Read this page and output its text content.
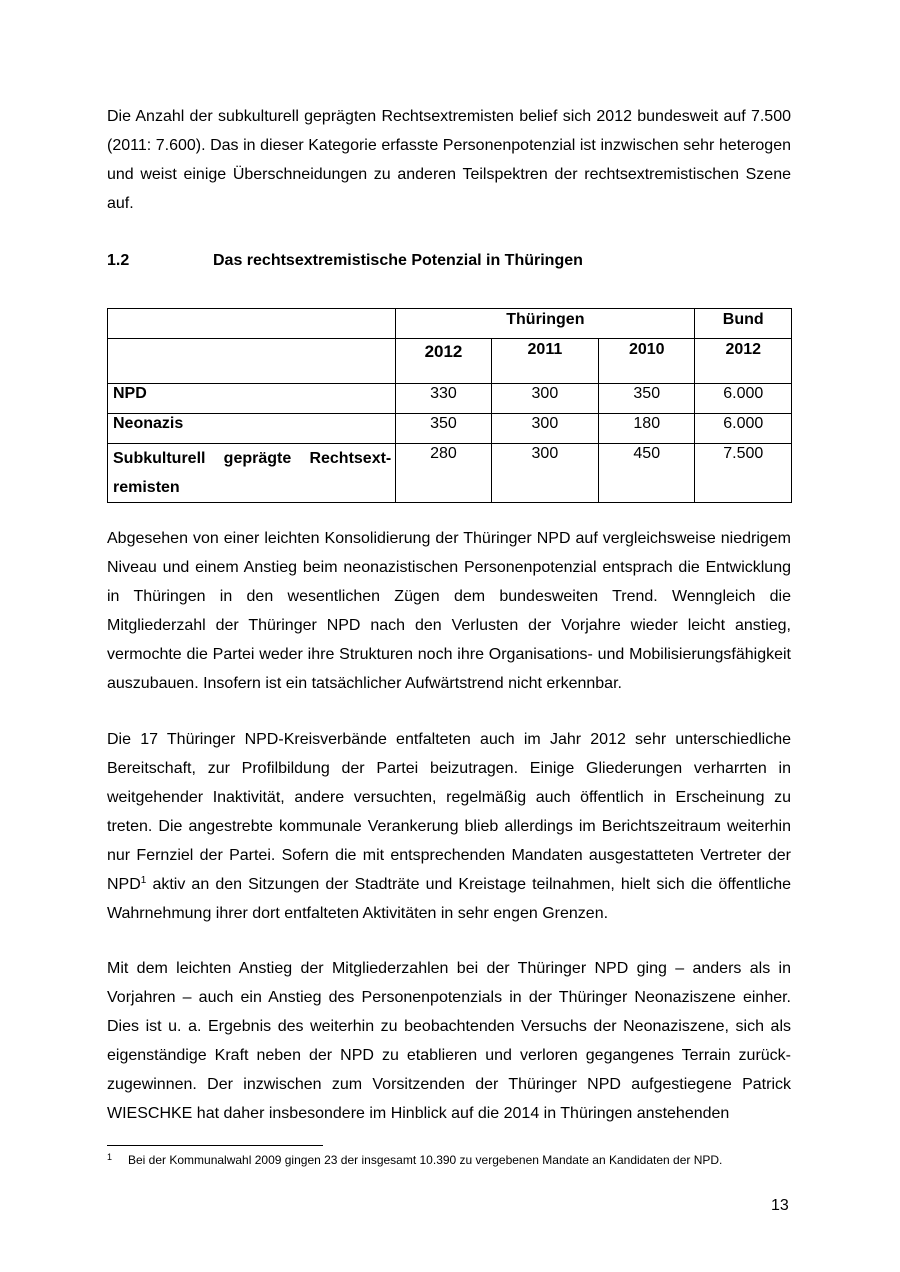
Die Anzahl der subkulturell geprägten Rechtsextremisten belief sich 2012 bundesweit auf 7.500 (2011: 7.600). Das in dieser Kategorie erfasste Personenpotenzial ist inzwischen sehr heterogen und weist einige Überschneidungen zu anderen Teilspektren der rechtsextremistischen Szene auf.

1.2	Das rechtsextremistische Potenzial in Thüringen
	Thüringen			Bund
	2012	2011	2010	2012
NPD	330	300	350	6.000
Neonazis	350	300	180	6.000
Subkulturell geprägte Rechtsextremisten	280	300	450	7.500

Abgesehen von einer leichten Konsolidierung der Thüringer NPD auf vergleichsweise niedrigem Niveau und einem Anstieg beim neonazistischen Personenpotenzial entsprach die Entwicklung in Thüringen in den wesentlichen Zügen dem bundesweiten Trend. Wenngleich die Mitgliederzahl der Thüringer NPD nach den Verlusten der Vorjahre wieder leicht anstieg, vermochte die Partei weder ihre Strukturen noch ihre Organisations- und Mobilisierungsfähigkeit auszubauen. Insofern ist ein tatsächlicher Aufwärtstrend nicht erkennbar.

Die 17 Thüringer NPD-Kreisverbände entfalteten auch im Jahr 2012 sehr unterschiedliche Bereitschaft, zur Profilbildung der Partei beizutragen. Einige Gliederungen verharrten in weitgehender Inaktivität, andere versuchten, regelmäßig auch öffentlich in Erscheinung zu treten. Die angestrebte kommunale Verankerung blieb allerdings im Berichtszeitraum weiterhin nur Fernziel der Partei. Sofern die mit entsprechenden Mandaten ausgestatteten Vertreter der NPD$^1$ aktiv an den Sitzungen der Stadträte und Kreistage teilnahmen, hielt sich die öffentliche Wahrnehmung ihrer dort entfalteten Aktivitäten in sehr engen Grenzen.

Mit dem leichten Anstieg der Mitgliederzahlen bei der Thüringer NPD ging – anders als in Vorjahren – auch ein Anstieg des Personenpotenzials in der Thüringer Neonaziszene einher. Dies ist u. a. Ergebnis des weiterhin zu beobachtenden Versuchs der Neonaziszene, sich als eigenständige Kraft neben der NPD zu etablieren und verloren gegangenes Terrain zurückzugewinnen. Der inzwischen zum Vorsitzenden der Thüringer NPD aufgestiegene Patrick WIESCHKE hat daher insbesondere im Hinblick auf die 2014 in Thüringen anstehenden

1 Bei der Kommunalwahl 2009 gingen 23 der insgesamt 10.390 zu vergebenen Mandate an Kandidaten der NPD.
13
